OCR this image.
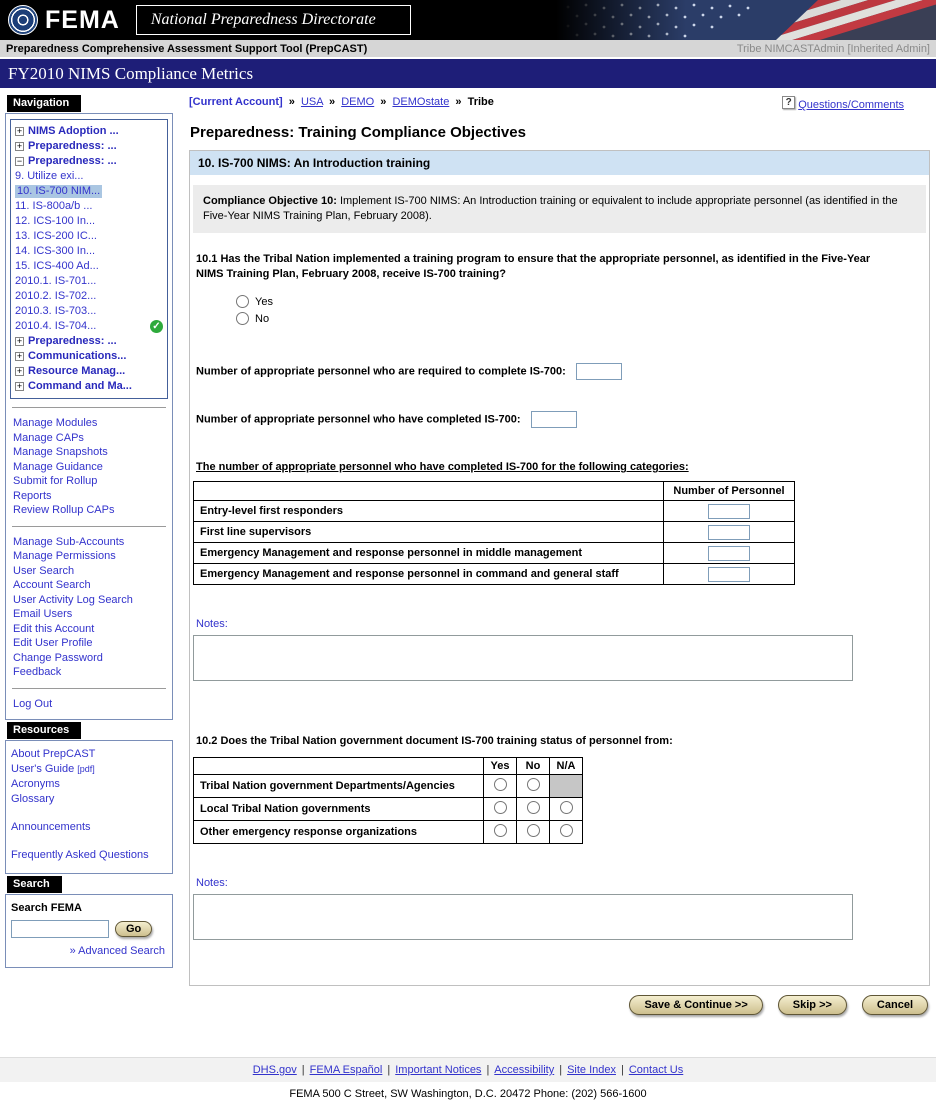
FEMA	National Preparedness Directorate
Preparedness Comprehensive Assessment Support Tool (PrepCAST)	Tribe NIMCASTAdmin [Inherited Admin]
FY2010 NIMS Compliance Metrics
Navigation
+ NIMS Adoption ...
+ Preparedness: ...
− Preparedness: ...
9. Utilize exi...
10. IS-700 NIM...
11. IS-800a/b ...
12. ICS-100 In...
13. ICS-200 IC...
14. ICS-300 In...
15. ICS-400 Ad...
2010.1. IS-701...
2010.2. IS-702...
2010.3. IS-703...
2010.4. IS-704...	✓
+ Preparedness: ...
+ Communications...
+ Resource Manag...
+ Command and Ma...
Manage Modules
Manage CAPs
Manage Snapshots
Manage Guidance
Submit for Rollup
Reports
Review Rollup CAPs
Manage Sub-Accounts
Manage Permissions
User Search
Account Search
User Activity Log Search
Email Users
Edit this Account
Edit User Profile
Change Password
Feedback
Log Out
Resources
About PrepCAST
User's Guide [pdf]
Acronyms
Glossary
Announcements
Frequently Asked Questions
Search
Search FEMA
Go
» Advanced Search
[Current Account] » USA » DEMO » DEMOstate » Tribe	? Questions/Comments
Preparedness: Training Compliance Objectives
10. IS-700 NIMS: An Introduction training
Compliance Objective 10: Implement IS-700 NIMS: An Introduction training or equivalent to include appropriate personnel (as identified in the Five-Year NIMS Training Plan, February 2008).
10.1 Has the Tribal Nation implemented a training program to ensure that the appropriate personnel, as identified in the Five-Year NIMS Training Plan, February 2008, receive IS-700 training?
Yes
No
Number of appropriate personnel who are required to complete IS-700:
Number of appropriate personnel who have completed IS-700:
The number of appropriate personnel who have completed IS-700 for the following categories:
	Number of Personnel
Entry-level first responders	
First line supervisors	
Emergency Management and response personnel in middle management	
Emergency Management and response personnel in command and general staff	
Notes:
10.2 Does the Tribal Nation government document IS-700 training status of personnel from:
	Yes	No	N/A
Tribal Nation government Departments/Agencies			
Local Tribal Nation governments			
Other emergency response organizations			
Notes:
Save & Continue >>	Skip >>	Cancel
DHS.gov | FEMA Español | Important Notices | Accessibility | Site Index | Contact Us
FEMA 500 C Street, SW Washington, D.C. 20472 Phone: (202) 566-1600
